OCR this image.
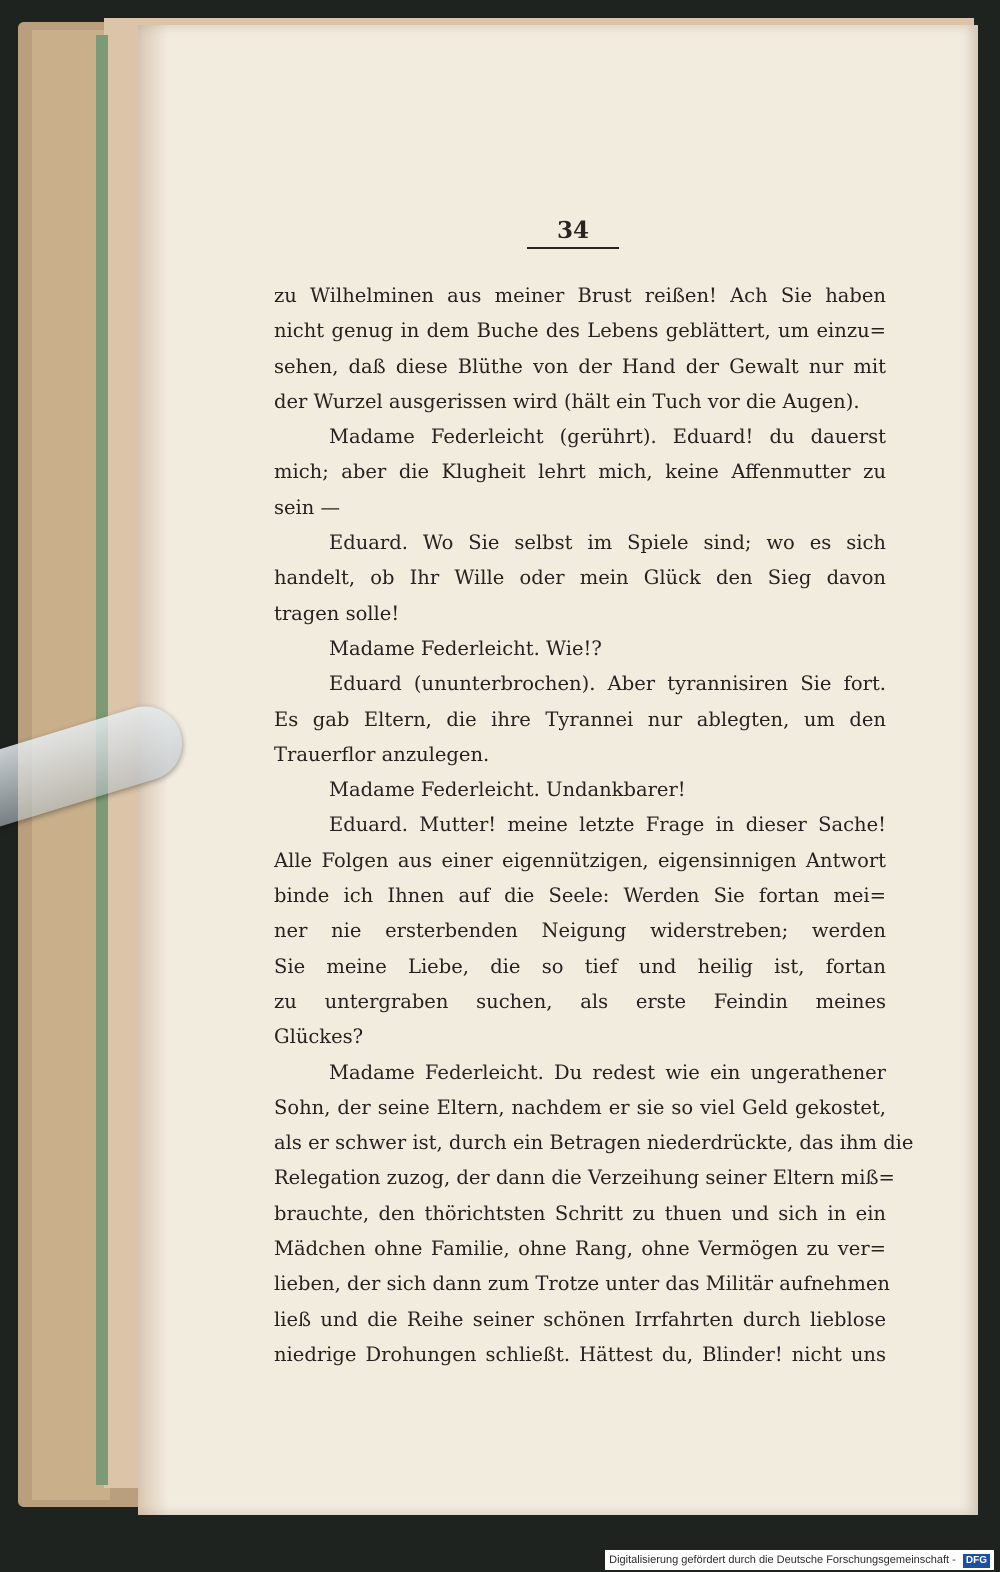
34
zu Wilhelminen aus meiner Brust reißen! Ach Sie haben
nicht genug in dem Buche des Lebens geblättert, um einzu=
sehen, daß diese Blüthe von der Hand der Gewalt nur mit
der Wurzel ausgerissen wird (hält ein Tuch vor die Augen).
Madame Federleicht (gerührt). Eduard! du dauerst
mich; aber die Klugheit lehrt mich, keine Affenmutter zu
sein —
Eduard. Wo Sie selbst im Spiele sind; wo es sich
handelt, ob Ihr Wille oder mein Glück den Sieg davon
tragen solle!
Madame Federleicht. Wie!?
Eduard (ununterbrochen). Aber tyrannisiren Sie fort.
Es gab Eltern, die ihre Tyrannei nur ablegten, um den
Trauerflor anzulegen.
Madame Federleicht. Undankbarer!
Eduard. Mutter! meine letzte Frage in dieser Sache!
Alle Folgen aus einer eigennützigen, eigensinnigen Antwort
binde ich Ihnen auf die Seele: Werden Sie fortan mei=
ner nie ersterbenden Neigung widerstreben; werden
Sie meine Liebe, die so tief und heilig ist, fortan
zu untergraben suchen, als erste Feindin meines
Glückes?
Madame Federleicht. Du redest wie ein ungerathener
Sohn, der seine Eltern, nachdem er sie so viel Geld gekostet,
als er schwer ist, durch ein Betragen niederdrückte, das ihm die
Relegation zuzog, der dann die Verzeihung seiner Eltern miß=
brauchte, den thörichtsten Schritt zu thuen und sich in ein
Mädchen ohne Familie, ohne Rang, ohne Vermögen zu ver=
lieben, der sich dann zum Trotze unter das Militär aufnehmen
ließ und die Reihe seiner schönen Irrfahrten durch lieblose
niedrige Drohungen schließt. Hättest du, Blinder! nicht uns
Digitalisierung gefördert durch die Deutsche Forschungsgemeinschaft - DFG
